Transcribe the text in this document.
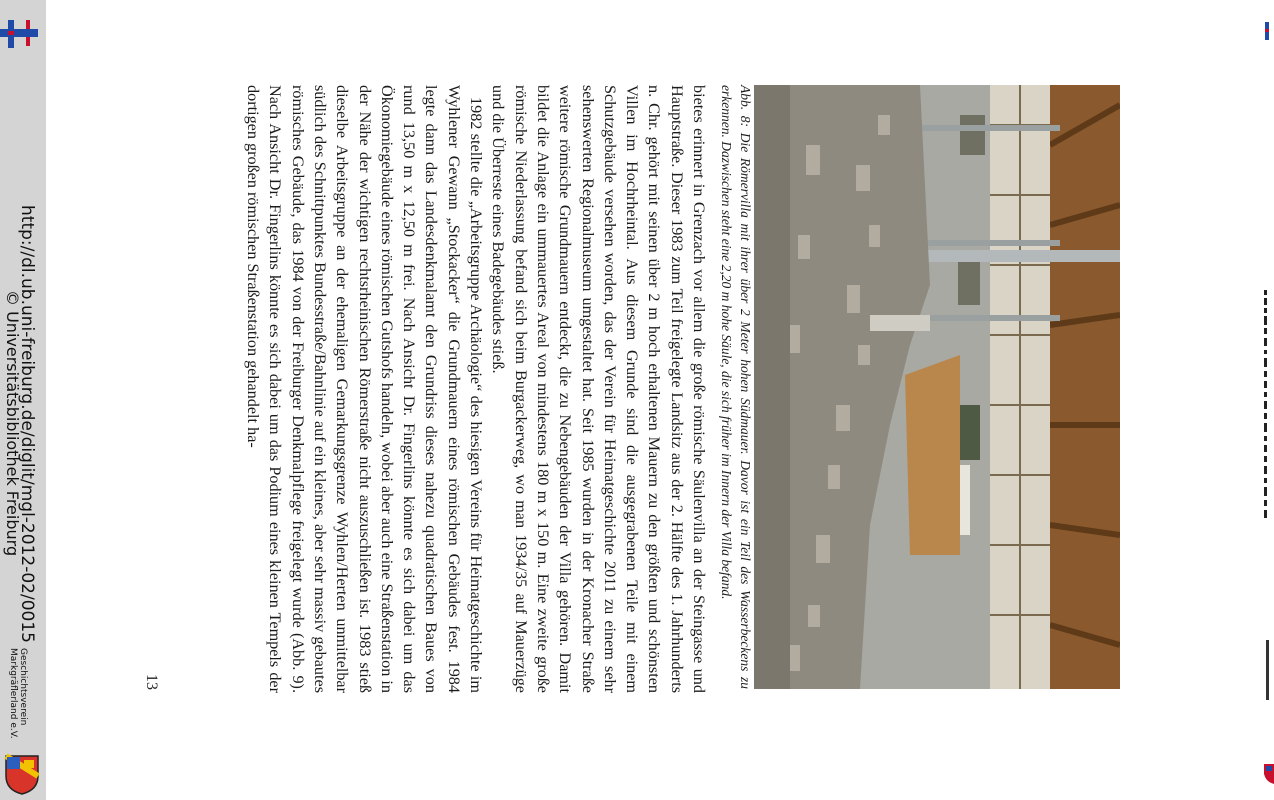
http://dl.ub.uni-freiburg.de/diglit/mgl-2012-02/0015
© Universitätsbibliothek Freiburg
Geschichtsverein
Markgräflerland e.V.
Abb. 8: Die Römervilla mit ihrer über 2 Meter hohen Südmauer. Davor ist ein Teil des Wasserbeckens zu erkennen. Dazwischen steht eine 2,20 m hohe Säule, die sich früher im Innern der Villa befand.

bietes erinnert in Grenzach vor allem die große römische Säulenvilla an der Steingasse und Hauptstraße. Dieser 1983 zum Teil freigelegte Landsitz aus der 2. Hälfte des 1. Jahrhunderts n. Chr. gehört mit seinen über 2 m hoch erhaltenen Mauern zu den größten und schönsten Villen im Hochrheintal. Aus diesem Grunde sind die ausgegrabenen Teile mit einem Schutzgebäude versehen worden, das der Verein für Heimatgeschichte 2011 zu einem sehr sehenswerten Regionalmuseum umgestaltet hat. Seit 1985 wurden in der Kronacher Straße weitere römische Grundmauern entdeckt, die zu Nebengebäuden der Villa gehören. Damit bildet die Anlage ein ummauertes Areal von mindestens 180 m x 150 m. Eine zweite große römische Niederlassung befand sich beim Burgackerweg, wo man 1934/35 auf Mauerzüge und die Überreste eines Badegebäudes stieß.

1982 stellte die „Arbeitsgruppe Archäologie“ des hiesigen Vereins für Heimatgeschichte im Wyhlener Gewann „Stockacker“ die Grundmauern eines römischen Gebäudes fest. 1984 legte dann das Landesdenkmalamt den Grundriss dieses nahezu quadratischen Baues von rund 13,50 m x 12,50 m frei. Nach Ansicht Dr. Fingerlins könnte es sich dabei um das Ökonomiegebäude eines römischen Gutshofs handeln, wobei aber auch eine Straßenstation in der Nähe der wichtigen rechtsrheinischen Römerstraße nicht auszuschließen ist. 1983 stieß dieselbe Arbeitsgruppe an der ehemaligen Gemarkungsgrenze Wyhlen/Herten unmittelbar südlich des Schnittpunktes Bundesstraße/Bahnlinie auf ein kleines, aber sehr massiv gebautes römisches Gebäude, das 1984 von der Freiburger Denkmalpflege freigelegt wurde (Abb. 9). Nach Ansicht Dr. Fingerlins könnte es sich dabei um das Podium eines kleinen Tempels der dortigen großen römischen Straßenstation gehandelt ha-

13
